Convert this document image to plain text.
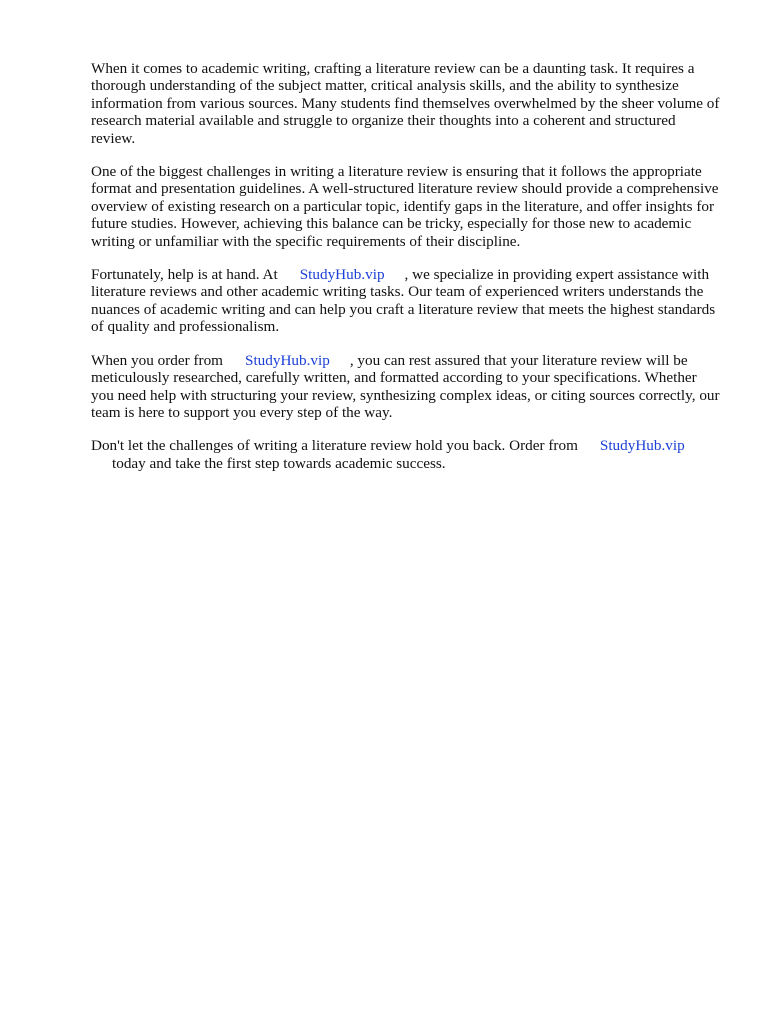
When it comes to academic writing, crafting a literature review can be a daunting task. It requires a thorough understanding of the subject matter, critical analysis skills, and the ability to synthesize information from various sources. Many students find themselves overwhelmed by the sheer volume of research material available and struggle to organize their thoughts into a coherent and structured review.

One of the biggest challenges in writing a literature review is ensuring that it follows the appropriate format and presentation guidelines. A well-structured literature review should provide a comprehensive overview of existing research on a particular topic, identify gaps in the literature, and offer insights for future studies. However, achieving this balance can be tricky, especially for those new to academic writing or unfamiliar with the specific requirements of their discipline.

Fortunately, help is at hand. At StudyHub.vip , we specialize in providing expert assistance with literature reviews and other academic writing tasks. Our team of experienced writers understands the nuances of academic writing and can help you craft a literature review that meets the highest standards of quality and professionalism.

When you order from StudyHub.vip , you can rest assured that your literature review will be meticulously researched, carefully written, and formatted according to your specifications. Whether you need help with structuring your review, synthesizing complex ideas, or citing sources correctly, our team is here to support you every step of the way.

Don't let the challenges of writing a literature review hold you back. Order from StudyHub.vip
today and take the first step towards academic success.
